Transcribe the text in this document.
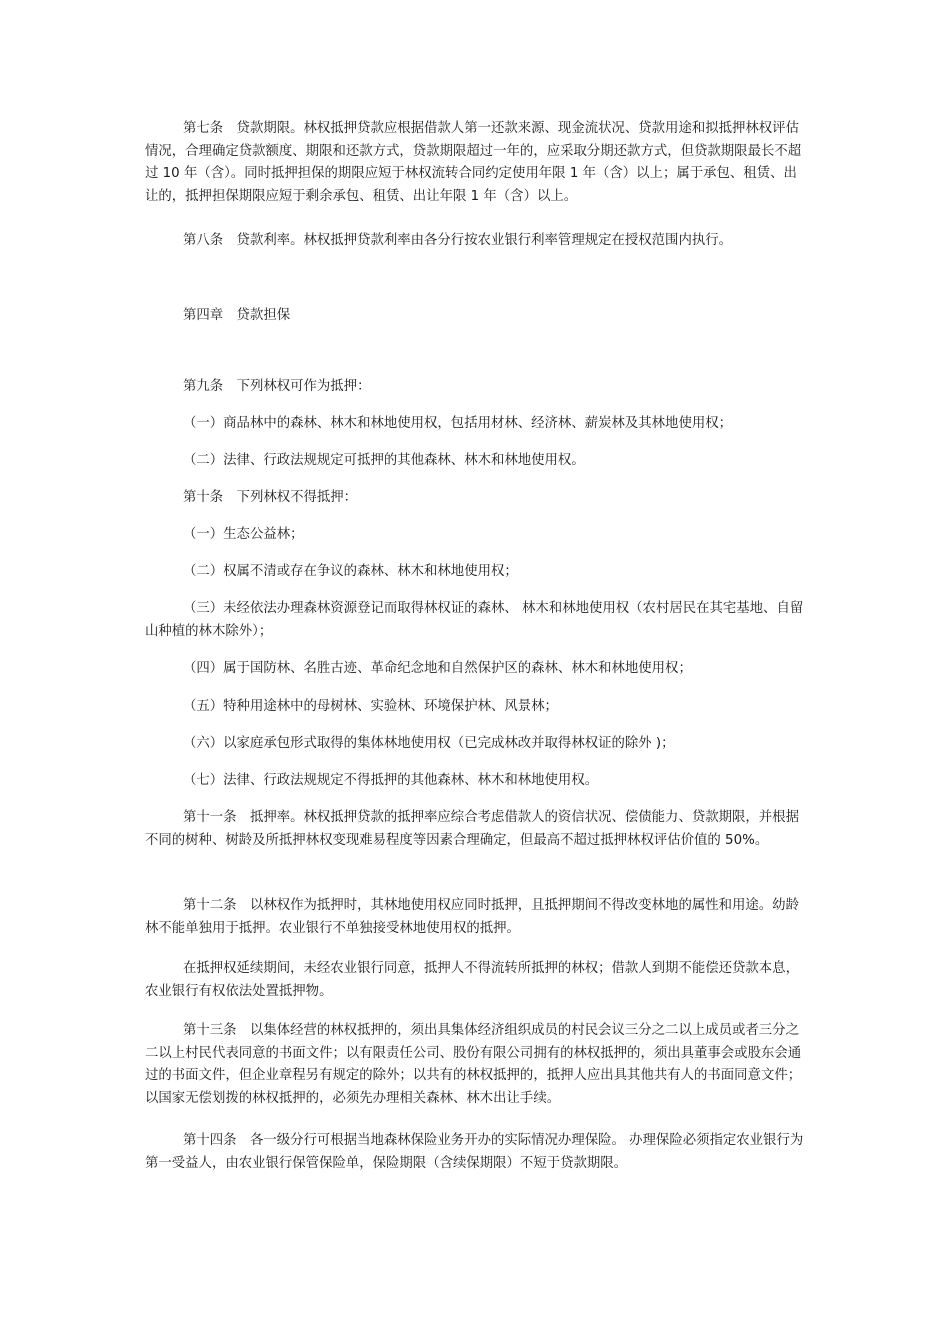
第七条　贷款期限。林权抵押贷款应根据借款人第一还款来源、现金流状况、贷款用途和拟抵押林权评估情况，合理确定贷款额度、期限和还款方式，贷款期限超过一年的，应采取分期还款方式，但贷款期限最长不超过 10 年（含）。同时抵押担保的期限应短于林权流转合同约定使用年限 1 年（含）以上；属于承包、租赁、出让的，抵押担保期限应短于剩余承包、租赁、出让年限 1 年（含）以上。

第八条　贷款利率。林权抵押贷款利率由各分行按农业银行利率管理规定在授权范围内执行。

第四章　贷款担保

第九条　下列林权可作为抵押：

（一）商品林中的森林、林木和林地使用权，包括用材林、经济林、薪炭林及其林地使用权；

（二）法律、行政法规规定可抵押的其他森林、林木和林地使用权。

第十条　下列林权不得抵押：

（一）生态公益林；

（二）权属不清或存在争议的森林、林木和林地使用权；

（三）未经依法办理森林资源登记而取得林权证的森林、 林木和林地使用权（农村居民在其宅基地、自留山种植的林木除外）；

（四）属于国防林、名胜古迹、革命纪念地和自然保护区的森林、林木和林地使用权；

（五）特种用途林中的母树林、实验林、环境保护林、风景林；

（六）以家庭承包形式取得的集体林地使用权（已完成林改并取得林权证的除外 )；

（七）法律、行政法规规定不得抵押的其他森林、林木和林地使用权。

第十一条　抵押率。林权抵押贷款的抵押率应综合考虑借款人的资信状况、偿债能力、贷款期限，并根据不同的树种、树龄及所抵押林权变现难易程度等因素合理确定，但最高不超过抵押林权评估价值的 50%。

第十二条　以林权作为抵押时，其林地使用权应同时抵押，且抵押期间不得改变林地的属性和用途。幼龄林不能单独用于抵押。农业银行不单独接受林地使用权的抵押。

在抵押权延续期间，未经农业银行同意，抵押人不得流转所抵押的林权；借款人到期不能偿还贷款本息，农业银行有权依法处置抵押物。

第十三条　以集体经营的林权抵押的，须出具集体经济组织成员的村民会议三分之二以上成员或者三分之二以上村民代表同意的书面文件；以有限责任公司、股份有限公司拥有的林权抵押的，须出具董事会或股东会通过的书面文件，但企业章程另有规定的除外；以共有的林权抵押的，抵押人应出具其他共有人的书面同意文件；以国家无偿划拨的林权抵押的，必须先办理相关森林、林木出让手续。

第十四条　各一级分行可根据当地森林保险业务开办的实际情况办理保险。 办理保险必须指定农业银行为第一受益人，由农业银行保管保险单，保险期限（含续保期限）不短于贷款期限。
